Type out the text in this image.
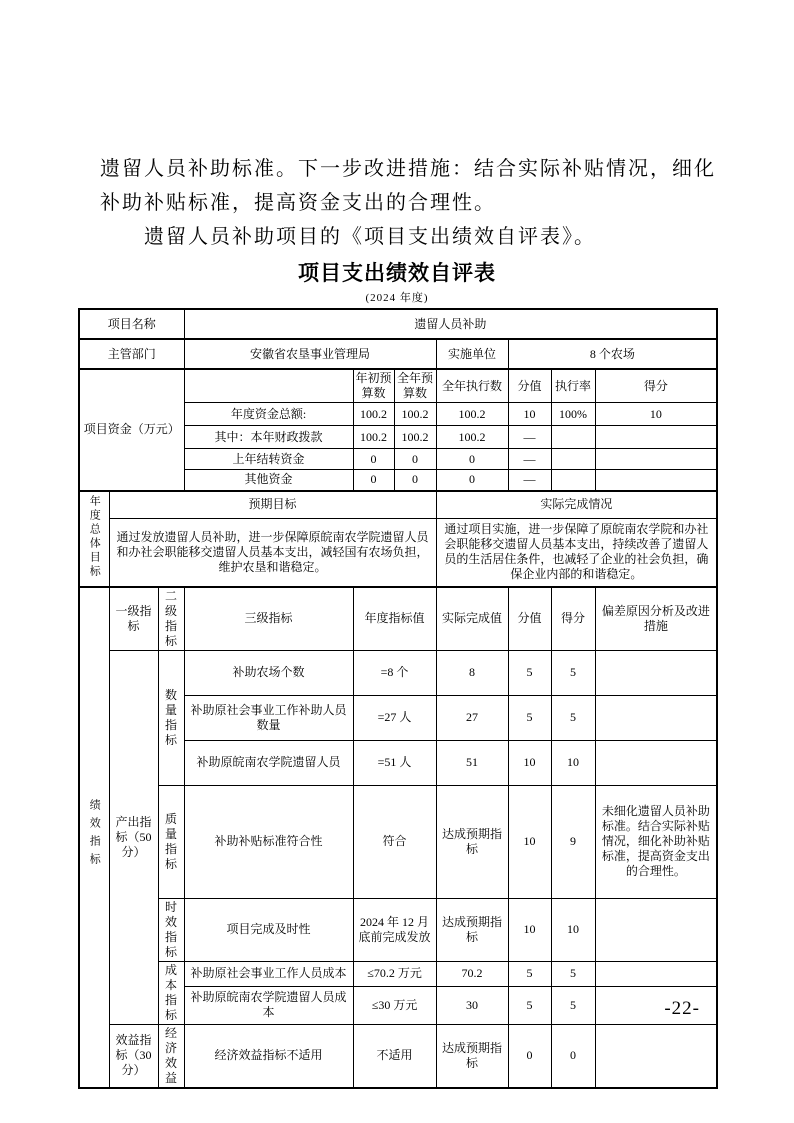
遗留人员补助标准。下一步改进措施：结合实际补贴情况，细化
补助补贴标准，提高资金支出的合理性。
遗留人员补助项目的《项目支出绩效自评表》。
项目支出绩效自评表
(2024 年度)
项目名称			遗留人员补助						
主管部门			安徽省农垦事业管理局			实施单位	8 个农场		
项目资金（万元）				年初预算数	全年预算数	全年执行数	分值	执行率	得分
			年度资金总额:	100.2	100.2	100.2	10	100%	10
			其中：本年财政拨款	100.2	100.2	100.2	—		
			上年结转资金	0	0	0	—		
			其他资金	0	0	0	—		
年度总体目标	预期目标					实际完成情况			
	通过发放遗留人员补助，进一步保障原皖南农学院遗留人员和办社会职能移交遗留人员基本支出，减轻国有农场负担，维护农垦和谐稳定。					通过项目实施，进一步保障了原皖南农学院和办社会职能移交遗留人员基本支出，持续改善了遗留人员的生活居住条件，也减轻了企业的社会负担，确保企业内部的和谐稳定。			
绩效指标	一级指标	二级指标	三级指标	年度指标值		实际完成值	分值	得分	偏差原因分析及改进措施
	产出指标（50 分）	数量指标	补助农场个数	=8 个		8	5	5	
			补助原社会事业工作补助人员数量	=27 人		27	5	5	
			补助原皖南农学院遗留人员	=51 人		51	10	10	
		质量指标	补助补贴标准符合性	符合		达成预期指标	10	9	未细化遗留人员补助标准。结合实际补贴情况，细化补助补贴标准，提高资金支出的合理性。
		时效指标	项目完成及时性	2024 年 12 月底前完成发放		达成预期指标	10	10	
		成本指标	补助原社会事业工作人员成本	≤70.2 万元		70.2	5	5	
			补助原皖南农学院遗留人员成本	≤30 万元		30	5	5	
	效益指标（30 分）	经济效益	经济效益指标不适用	不适用		达成预期指标	0	0	
-22-
